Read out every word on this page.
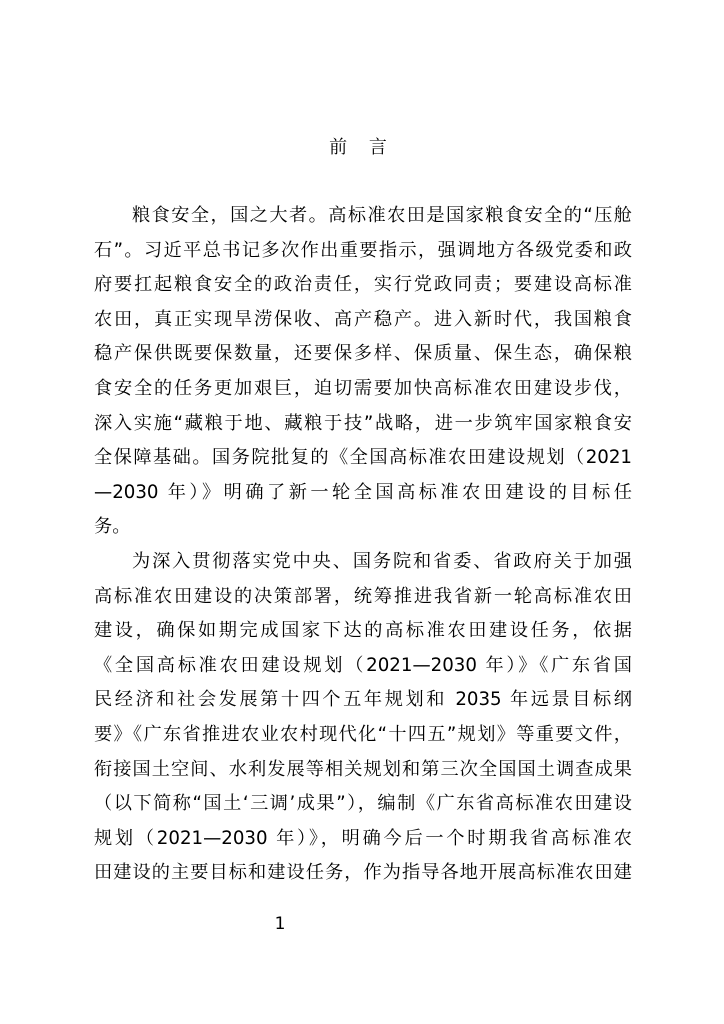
前 言
粮食安全，国之大者。高标准农田是国家粮食安全的“压舱
石”。习近平总书记多次作出重要指示，强调地方各级党委和政
府要扛起粮食安全的政治责任，实行党政同责；要建设高标准
农田，真正实现旱涝保收、高产稳产。进入新时代，我国粮食
稳产保供既要保数量，还要保多样、保质量、保生态，确保粮
食安全的任务更加艰巨，迫切需要加快高标准农田建设步伐，
深入实施“藏粮于地、藏粮于技”战略，进一步筑牢国家粮食安
全保障基础。国务院批复的《全国高标准农田建设规划（2021
—2030 年）》明确了新一轮全国高标准农田建设的目标任
务。
为深入贯彻落实党中央、国务院和省委、省政府关于加强
高标准农田建设的决策部署，统筹推进我省新一轮高标准农田
建设，确保如期完成国家下达的高标准农田建设任务，依据
《全国高标准农田建设规划（2021—2030 年）》《广东省国
民经济和社会发展第十四个五年规划和 2035 年远景目标纲
要》《广东省推进农业农村现代化“十四五”规划》等重要文件，
衔接国土空间、水利发展等相关规划和第三次全国国土调查成果
（以下简称“国土‘三调’成果”），编制《广东省高标准农田建设
规划（2021—2030 年）》，明确今后一个时期我省高标准农
田建设的主要目标和建设任务，作为指导各地开展高标准农田建
1
